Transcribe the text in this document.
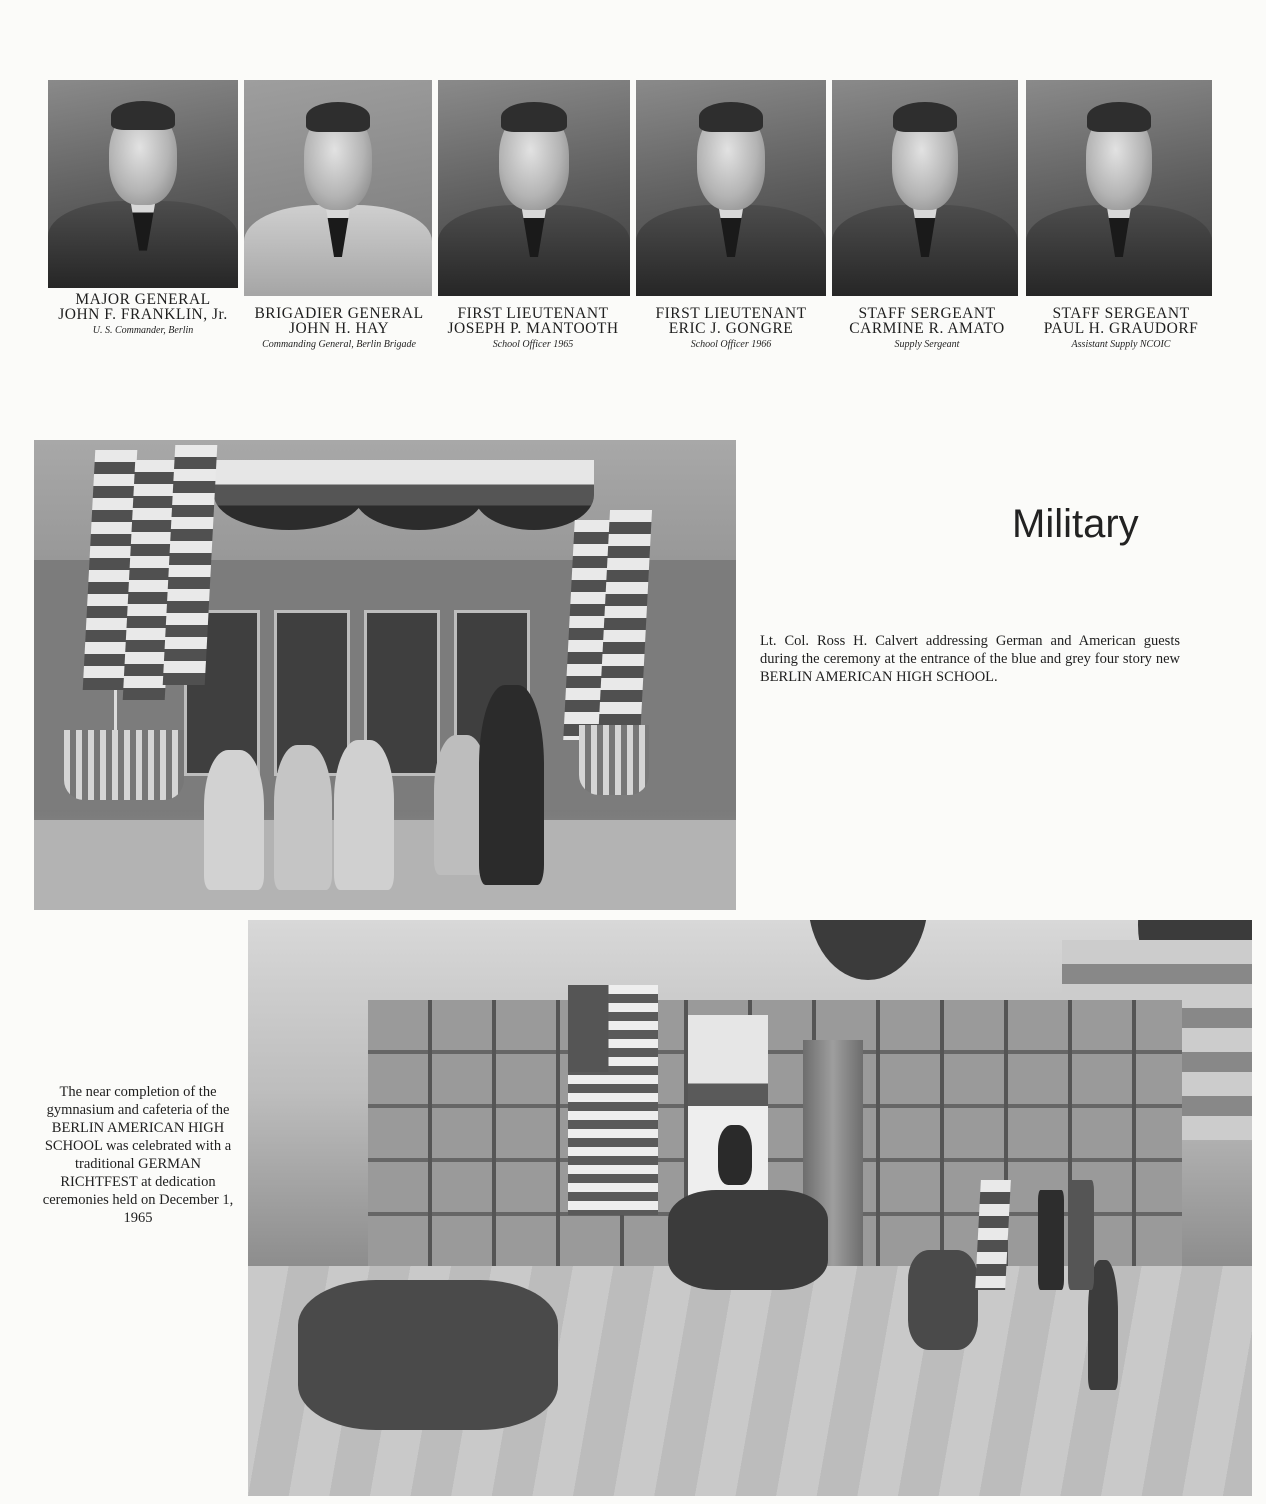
MAJOR GENERAL
JOHN F. FRANKLIN, Jr.
U. S. Commander, Berlin
BRIGADIER GENERAL
JOHN H. HAY
Commanding General, Berlin Brigade
FIRST LIEUTENANT
JOSEPH P. MANTOOTH
School Officer 1965
FIRST LIEUTENANT
ERIC J. GONGRE
School Officer 1966
STAFF SERGEANT
CARMINE R. AMATO
Supply Sergeant
STAFF SERGEANT
PAUL H. GRAUDORF
Assistant Supply NCOIC
Military

Lt. Col. Ross H. Calvert addressing German and American guests during the ceremony at the entrance of the blue and grey four story new BERLIN AMERICAN HIGH SCHOOL.

The near completion of the gymnasium and cafeteria of the BERLIN AMERICAN HIGH SCHOOL was celebrated with a traditional GERMAN RICHTFEST at dedication ceremonies held on December 1, 1965
